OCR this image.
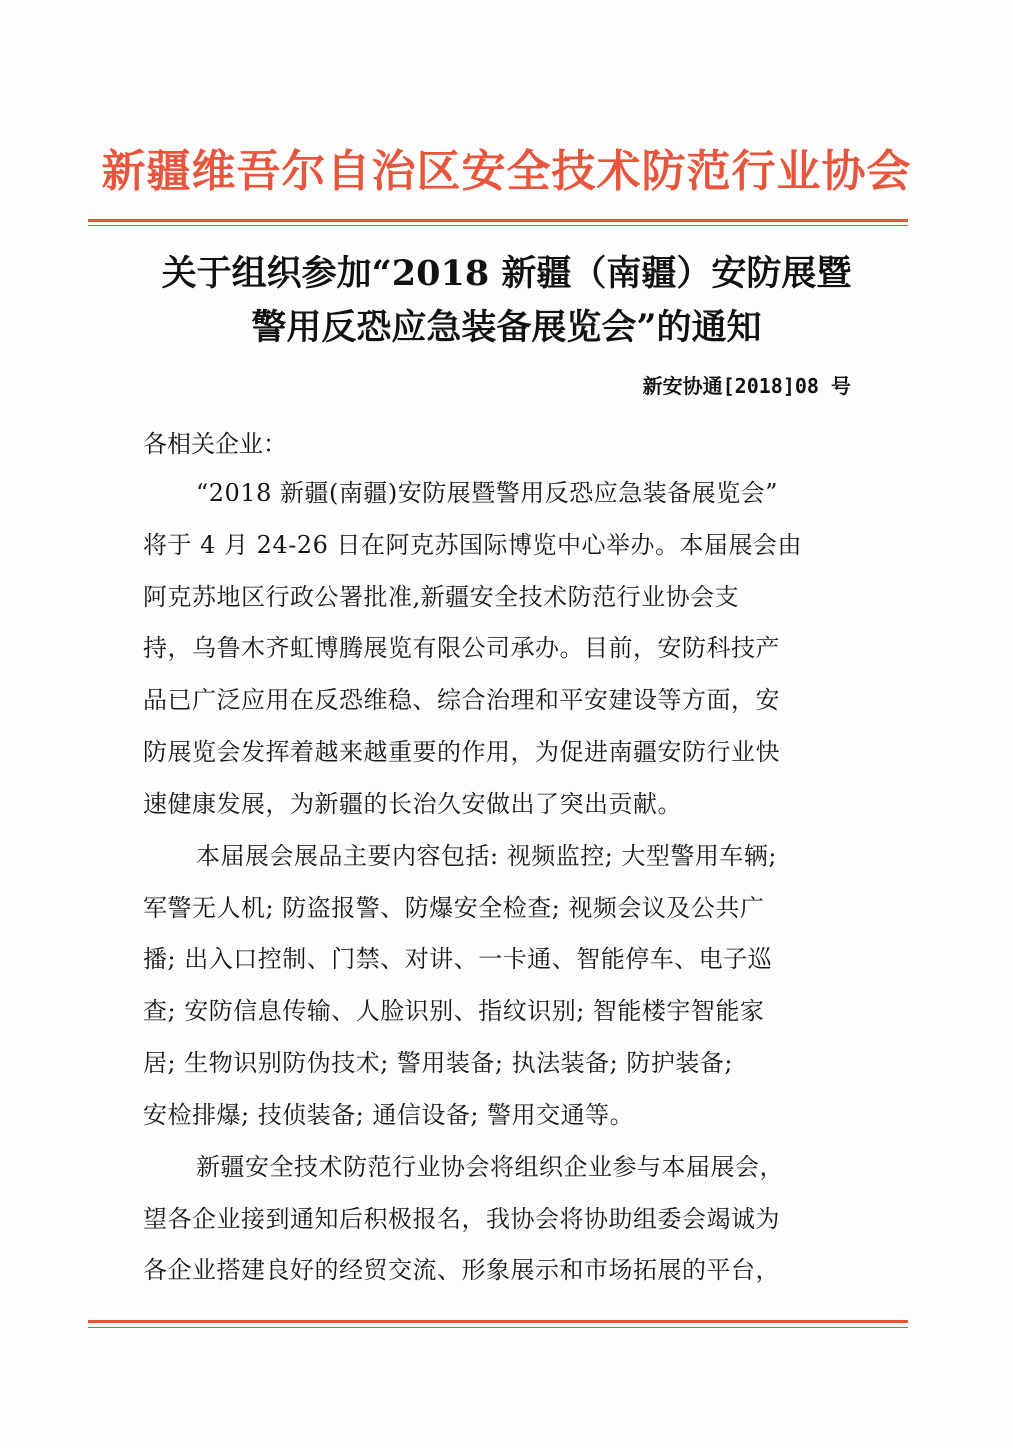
新疆维吾尔自治区安全技术防范行业协会
关于组织参加“2018 新疆（南疆）安防展暨
警用反恐应急装备展览会”的通知
新安协通[2018]08 号
各相关企业：
“2018 新疆(南疆)安防展暨警用反恐应急装备展览会”
将于 4 月 24-26 日在阿克苏国际博览中心举办。本届展会由
阿克苏地区行政公署批准,新疆安全技术防范行业协会支
持，乌鲁木齐虹博腾展览有限公司承办。目前，安防科技产
品已广泛应用在反恐维稳、综合治理和平安建设等方面，安
防展览会发挥着越来越重要的作用，为促进南疆安防行业快
速健康发展，为新疆的长治久安做出了突出贡献。
本届展会展品主要内容包括: 视频监控; 大型警用车辆;
军警无人机; 防盗报警、防爆安全检查; 视频会议及公共广
播; 出入口控制、门禁、对讲、一卡通、智能停车、电子巡
查; 安防信息传输、人脸识别、指纹识别; 智能楼宇智能家
居; 生物识别防伪技术; 警用装备; 执法装备; 防护装备;
安检排爆; 技侦装备; 通信设备; 警用交通等。
新疆安全技术防范行业协会将组织企业参与本届展会，
望各企业接到通知后积极报名，我协会将协助组委会竭诚为
各企业搭建良好的经贸交流、形象展示和市场拓展的平台，
